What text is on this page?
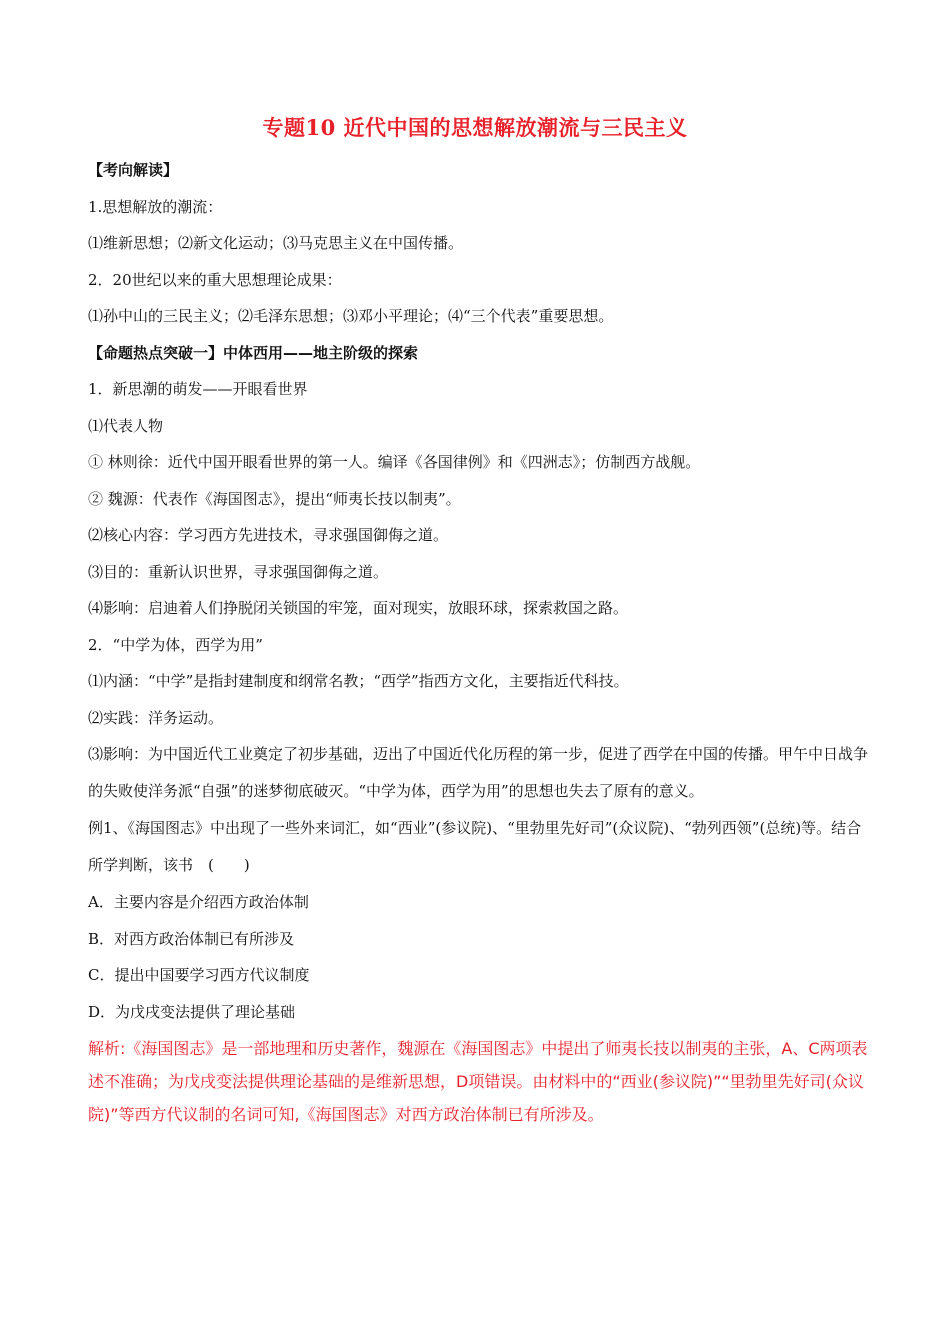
专题10 近代中国的思想解放潮流与三民主义
【考向解读】
1.思想解放的潮流：
⑴维新思想；⑵新文化运动；⑶马克思主义在中国传播。
2．20世纪以来的重大思想理论成果：
⑴孙中山的三民主义；⑵毛泽东思想；⑶邓小平理论；⑷“三个代表”重要思想。
【命题热点突破一】中体西用——地主阶级的探索
1．新思潮的萌发——开眼看世界
⑴代表人物
① 林则徐：近代中国开眼看世界的第一人。编译《各国律例》和《四洲志》；仿制西方战舰。
② 魏源：代表作《海国图志》，提出“师夷长技以制夷”。
⑵核心内容：学习西方先进技术，寻求强国御侮之道。
⑶目的：重新认识世界，寻求强国御侮之道。
⑷影响：启迪着人们挣脱闭关锁国的牢笼，面对现实，放眼环球，探索救国之路。
2．“中学为体，西学为用”
⑴内涵：“中学”是指封建制度和纲常名教；“西学”指西方文化，主要指近代科技。
⑵实践：洋务运动。
⑶影响：为中国近代工业奠定了初步基础，迈出了中国近代化历程的第一步，促进了西学在中国的传播。甲午中日战争的失败使洋务派“自强”的迷梦彻底破灭。“中学为体，西学为用”的思想也失去了原有的意义。
例1、《海国图志》中出现了一些外来词汇，如“西业”(参议院)、“里勃里先好司”(众议院)、“勃列西领”(总统)等。结合所学判断，该书　(　　)
A．主要内容是介绍西方政治体制
B．对西方政治体制已有所涉及
C．提出中国要学习西方代议制度
D．为戊戌变法提供了理论基础
解析:《海国图志》是一部地理和历史著作，魏源在《海国图志》中提出了师夷长技以制夷的主张，A、C两项表述不准确；为戊戌变法提供理论基础的是维新思想，D项错误。由材料中的“西业(参议院)”“里勃里先好司(众议院)”等西方代议制的名词可知,《海国图志》对西方政治体制已有所涉及。
